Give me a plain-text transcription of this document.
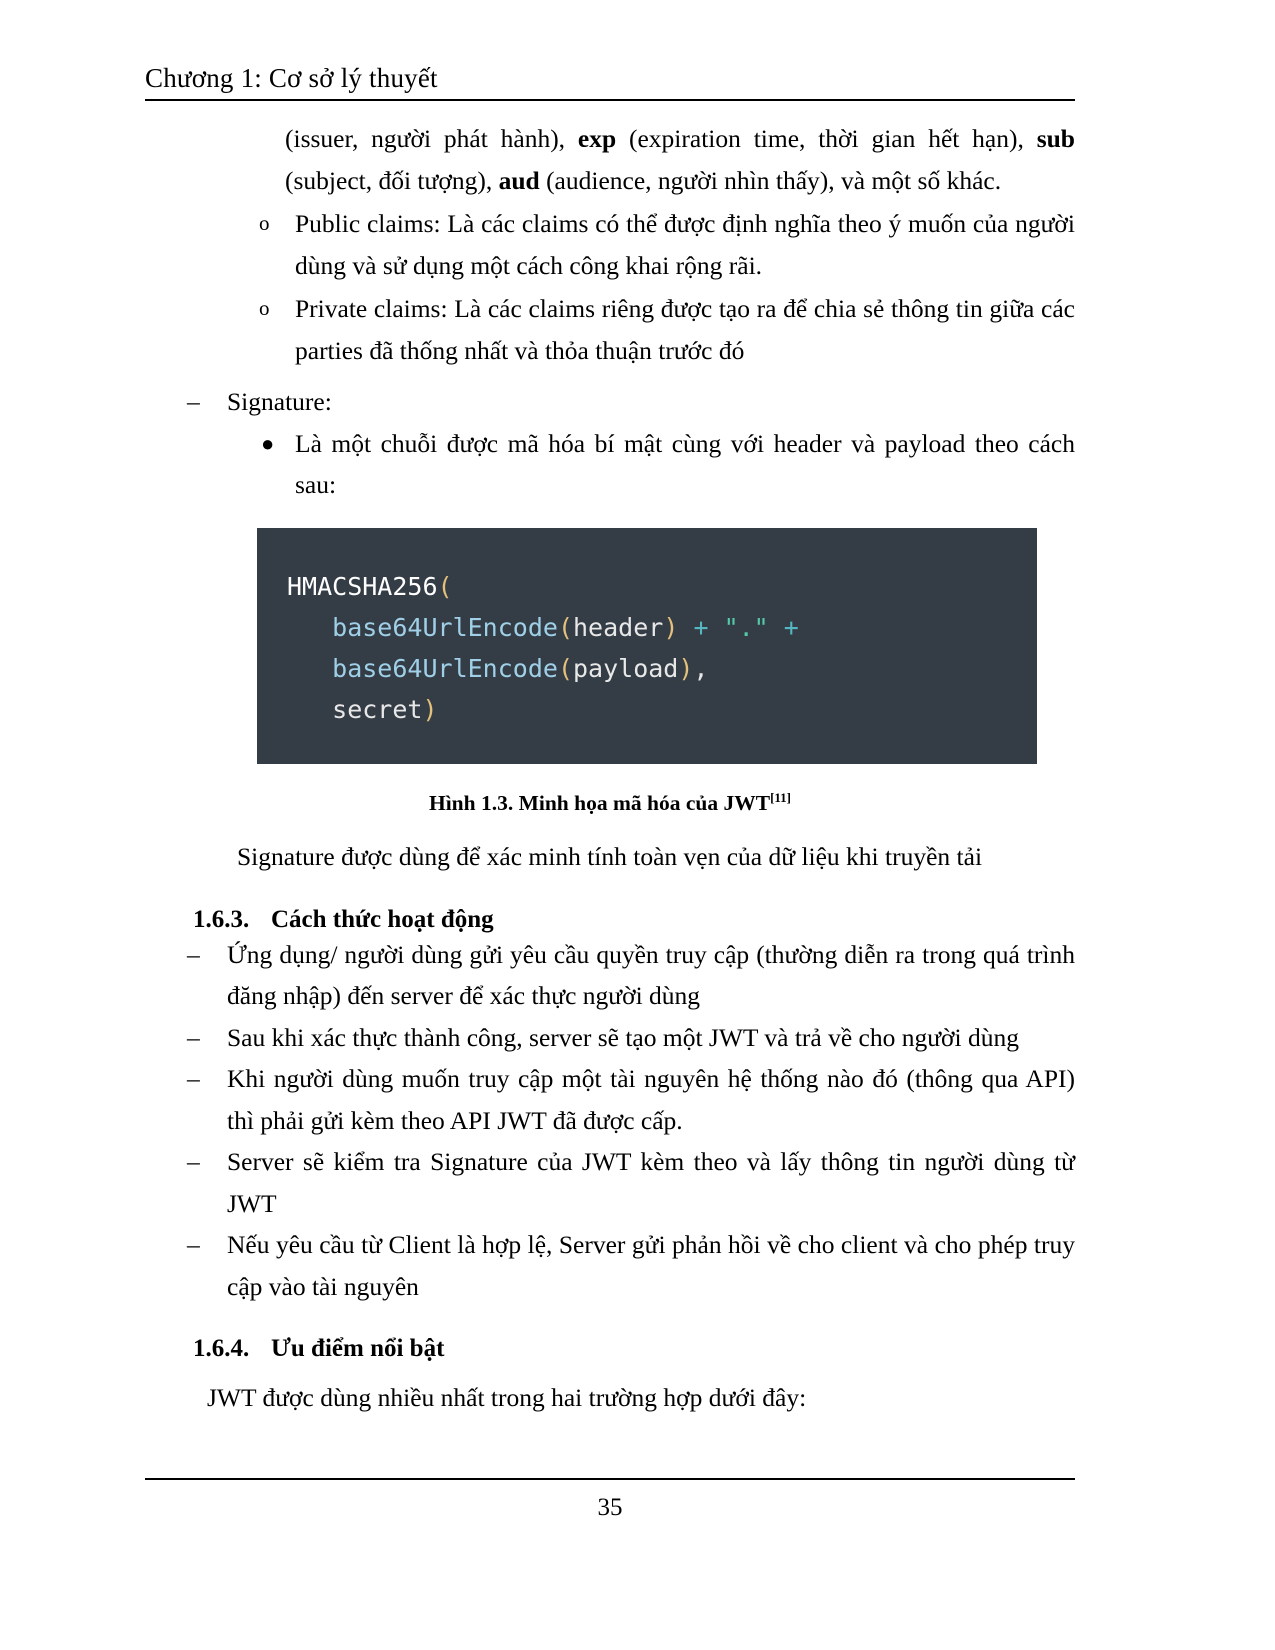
Chương 1: Cơ sở lý thuyết

(issuer, người phát hành), exp (expiration time, thời gian hết hạn), sub (subject, đối tượng), aud (audience, người nhìn thấy), và một số khác.

o Public claims: Là các claims có thể được định nghĩa theo ý muốn của người dùng và sử dụng một cách công khai rộng rãi.
o Private claims: Là các claims riêng được tạo ra để chia sẻ thông tin giữa các parties đã thống nhất và thỏa thuận trước đó
– Signature:
● Là một chuỗi được mã hóa bí mật cùng với header và payload theo cách sau:
HMACSHA256(
base64UrlEncode(header) + "." +
base64UrlEncode(payload),
secret)
Hình 1.3. Minh họa mã hóa của JWT[11]
Signature được dùng để xác minh tính toàn vẹn của dữ liệu khi truyền tải
1.6.3. Cách thức hoạt động
– Ứng dụng/ người dùng gửi yêu cầu quyền truy cập (thường diễn ra trong quá trình đăng nhập) đến server để xác thực người dùng
– Sau khi xác thực thành công, server sẽ tạo một JWT và trả về cho người dùng
– Khi người dùng muốn truy cập một tài nguyên hệ thống nào đó (thông qua API) thì phải gửi kèm theo API JWT đã được cấp.
– Server sẽ kiểm tra Signature của JWT kèm theo và lấy thông tin người dùng từ JWT
– Nếu yêu cầu từ Client là hợp lệ, Server gửi phản hồi về cho client và cho phép truy cập vào tài nguyên
1.6.4. Ưu điểm nổi bật
JWT được dùng nhiều nhất trong hai trường hợp dưới đây:
35
